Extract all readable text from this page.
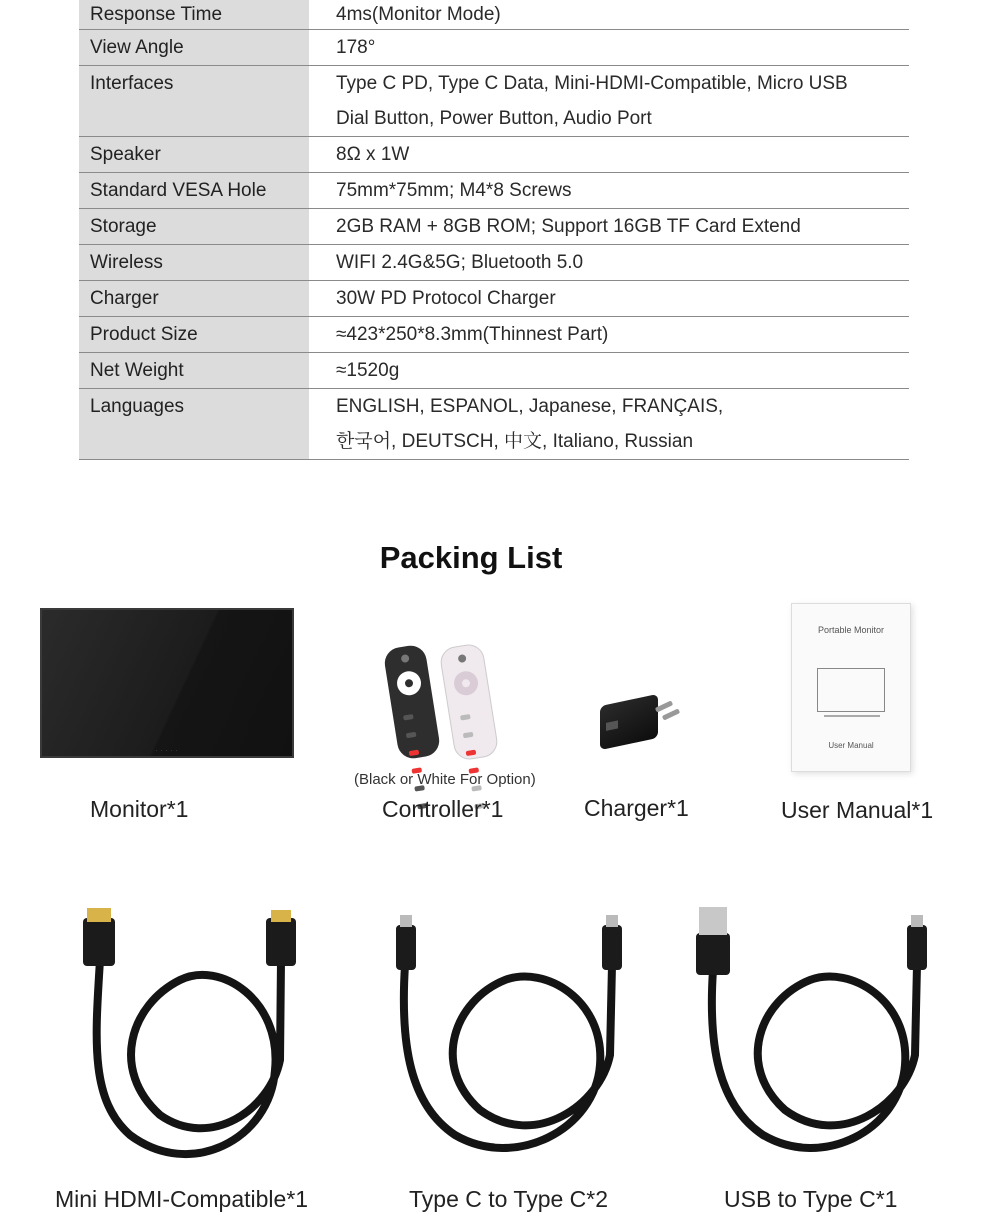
Response Time	4ms(Monitor Mode)
View Angle	178°
Interfaces	Type C PD, Type C Data, Mini-HDMI-Compatible, Micro USB
Dial Button, Power Button, Audio Port
Speaker	8Ω x 1W
Standard VESA Hole	75mm*75mm; M4*8 Screws
Storage	2GB RAM + 8GB ROM; Support 16GB TF Card Extend
Wireless	WIFI 2.4G&5G; Bluetooth 5.0
Charger	30W PD Protocol Charger
Product Size	≈423*250*8.3mm(Thinnest Part)
Net Weight	≈1520g
Languages	ENGLISH, ESPANOL, Japanese, FRANÇAIS,
한국어, DEUTSCH, 中文, Italiano, Russian
Packing List
· · · · ·
Monitor*1
(Black or White For Option)
Controller*1	Charger*1
Portable Monitor
User Manual
User Manual*1
Mini HDMI-Compatible*1	Type C to Type C*2	USB to Type C*1
